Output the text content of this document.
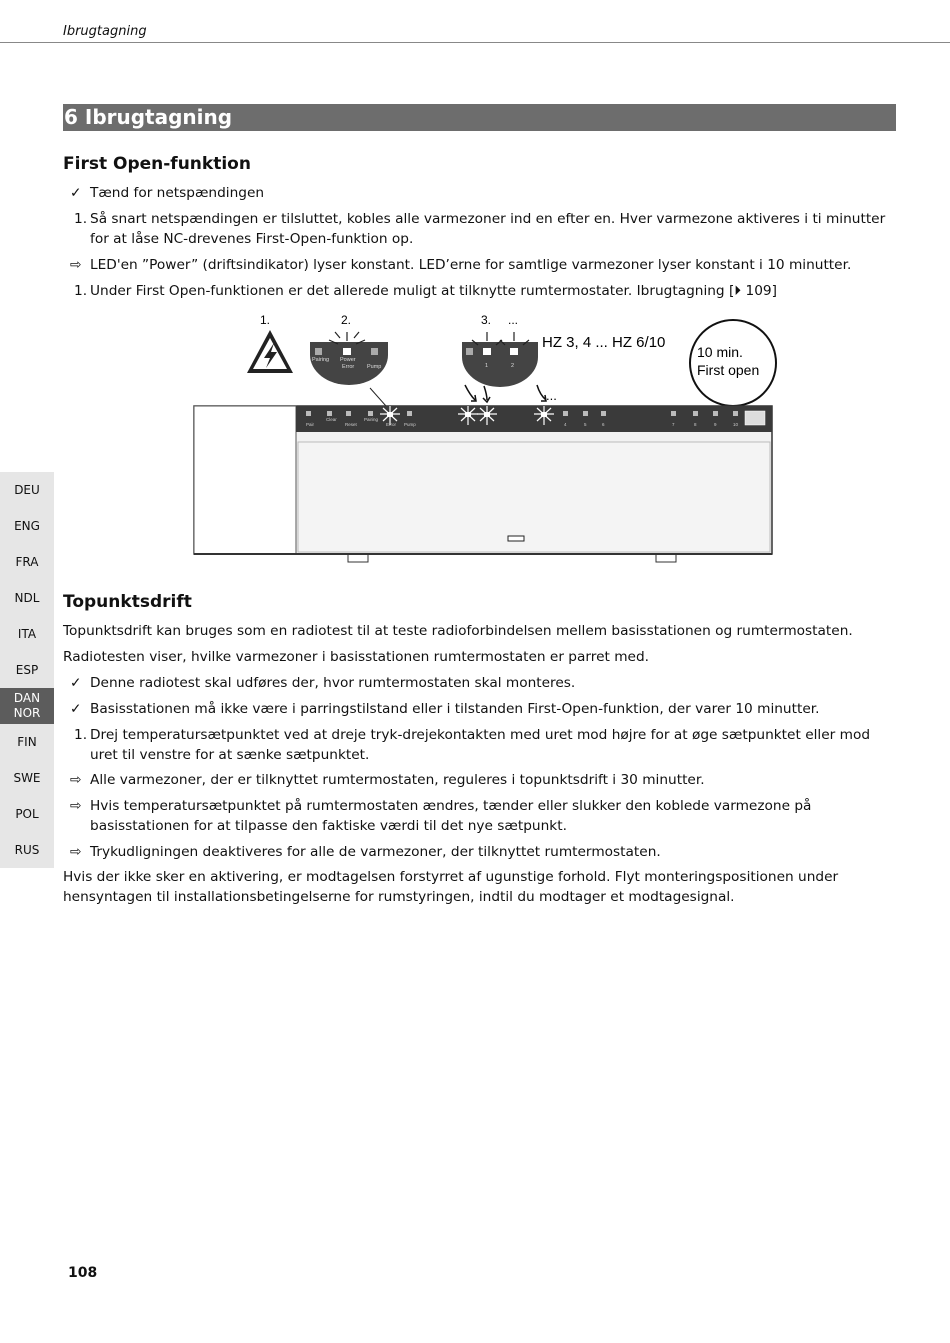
Ibrugtagning
6 Ibrugtagning
First Open-funktion
✓ Tænd for netspændingen
1. Så snart netspændingen er tilsluttet, kobles alle varmezoner ind en efter en. Hver varmezone aktiveres i ti minutter for at låse NC-drevenes First-Open-funktion op.
⇨ LED'en ”Power” (driftsindikator) lyser konstant. LED’erne for samtlige varmezoner lyser konstant i 10 minutter.
1. Under First Open-funktionen er det allerede muligt at tilknytte rumtermostater. Ibrugtagning [⏵ 109]
1.	2.	3. ...
Pairing Power
Error Pump	1	2
HZ 3, 4 ... HZ 6/10
10 min.
First open
...
Pair
Clear
Reset
Pairing
Error Pump	4	5	6	7	8	9	10
Topunktsdrift
Topunktsdrift kan bruges som en radiotest til at teste radioforbindelsen mellem basisstationen og rumtermostaten.
Radiotesten viser, hvilke varmezoner i basisstationen rumtermostaten er parret med.
✓ Denne radiotest skal udføres der, hvor rumtermostaten skal monteres.
✓ Basisstationen må ikke være i parringstilstand eller i tilstanden First-Open-funktion, der varer 10 minutter.
1. Drej temperatursætpunktet ved at dreje tryk-drejekontakten med uret mod højre for at øge sætpunktet eller mod uret til venstre for at sænke sætpunktet.
⇨ Alle varmezoner, der er tilknyttet rumtermostaten, reguleres i topunktsdrift i 30 minutter.
⇨ Hvis temperatursætpunktet på rumtermostaten ændres, tænder eller slukker den koblede varmezone på basisstationen for at tilpasse den faktiske værdi til det nye sætpunkt.
⇨ Trykudligningen deaktiveres for alle de varmezoner, der tilknyttet rumtermostaten.
Hvis der ikke sker en aktivering, er modtagelsen forstyrret af ugunstige forhold. Flyt monteringspositionen under hensyntagen til installationsbetingelserne for rumstyringen, indtil du modtager et modtagesignal.
DEU
ENG
FRA
NDL
ITA
ESP
DAN
NOR
FIN
SWE
POL
RUS
108
